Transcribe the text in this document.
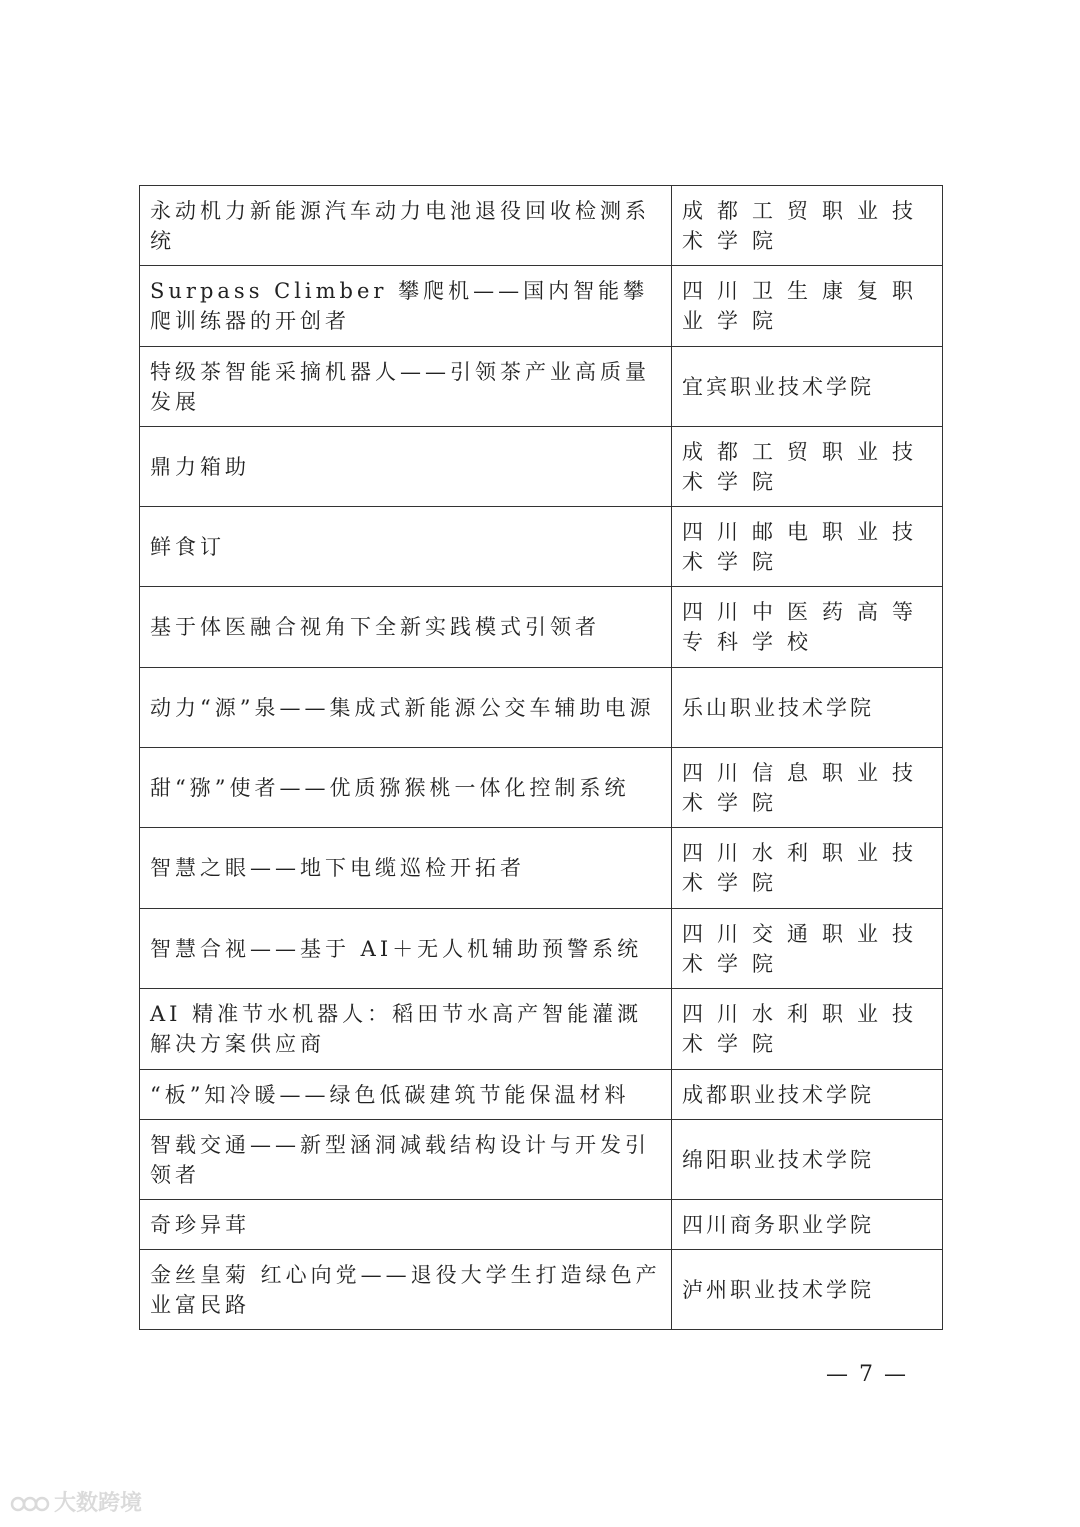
永动机力新能源汽车动力电池退役回收检测系统	成都工贸职业技术学院
Surpass Climber 攀爬机——国内智能攀爬训练器的开创者	四川卫生康复职业学院
特级茶智能采摘机器人——引领茶产业高质量发展	宜宾职业技术学院
鼎力箱助	成都工贸职业技术学院
鲜食订	四川邮电职业技术学院
基于体医融合视角下全新实践模式引领者	四川中医药高等专科学校
动力“源”泉——集成式新能源公交车辅助电源	乐山职业技术学院
甜“猕”使者——优质猕猴桃一体化控制系统	四川信息职业技术学院
智慧之眼——地下电缆巡检开拓者	四川水利职业技术学院
智慧合视——基于 AI＋无人机辅助预警系统	四川交通职业技术学院
AI 精准节水机器人：稻田节水高产智能灌溉解决方案供应商	四川水利职业技术学院
“板”知冷暖——绿色低碳建筑节能保温材料	成都职业技术学院
智载交通——新型涵洞减载结构设计与开发引领者	绵阳职业技术学院
奇珍异茸	四川商务职业学院
金丝皇菊 红心向党——退役大学生打造绿色产业富民路	泸州职业技术学院
— 7 —
大数跨境
